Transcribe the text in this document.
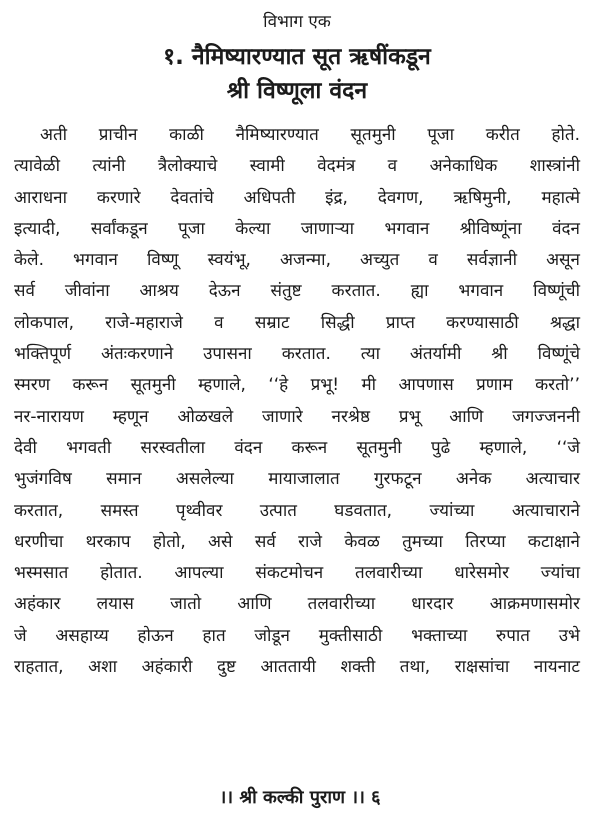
विभाग एक
१. नैमिष्यारण्यात सूत ऋषींकडून
श्री विष्णूला वंदन

अती प्राचीन काळी नैमिष्यारण्यात सूतमुनी पूजा करीत होते.
त्यावेळी त्यांनी त्रैलोक्याचे स्वामी वेदमंत्र व अनेकाधिक शास्त्रांनी
आराधना करणारे देवतांचे अधिपती इंद्र, देवगण, ऋषिमुनी, महात्मे
इत्यादी, सर्वांकडून पूजा केल्या जाणाऱ्या भगवान श्रीविष्णूंना वंदन
केले. भगवान विष्णू स्वयंभू, अजन्मा, अच्युत व सर्वज्ञानी असून
सर्व जीवांना आश्रय देऊन संतुष्ट करतात. ह्या भगवान विष्णूंची
लोकपाल, राजे-महाराजे व सम्राट सिद्धी प्राप्त करण्यासाठी श्रद्धा
भक्तिपूर्ण अंतःकरणाने उपासना करतात. त्या अंतर्यामी श्री विष्णूंचे
स्मरण करून सूतमुनी म्हणाले, ‘‘हे प्रभू! मी आपणास प्रणाम करतो’’
नर-नारायण म्हणून ओळखले जाणारे नरश्रेष्ठ प्रभू आणि जगज्जननी
देवी भगवती सरस्वतीला वंदन करून सूतमुनी पुढे म्हणाले, ‘‘जे
भुजंगविष समान असलेल्या मायाजालात गुरफटून अनेक अत्याचार
करतात, समस्त पृथ्वीवर उत्पात घडवतात, ज्यांच्या अत्याचाराने
धरणीचा थरकाप होतो, असे सर्व राजे केवळ तुमच्या तिरप्या कटाक्षाने
भस्मसात होतात. आपल्या संकटमोचन तलवारीच्या धारेसमोर ज्यांचा
अहंकार लयास जातो आणि तलवारीच्या धारदार आक्रमणासमोर
जे असहाय्य होऊन हात जोडून मुक्तीसाठी भक्ताच्या रुपात उभे
राहतात, अशा अहंकारी दुष्ट आततायी शक्ती तथा, राक्षसांचा नायनाट

।। श्री कल्की पुराण ।। ६
